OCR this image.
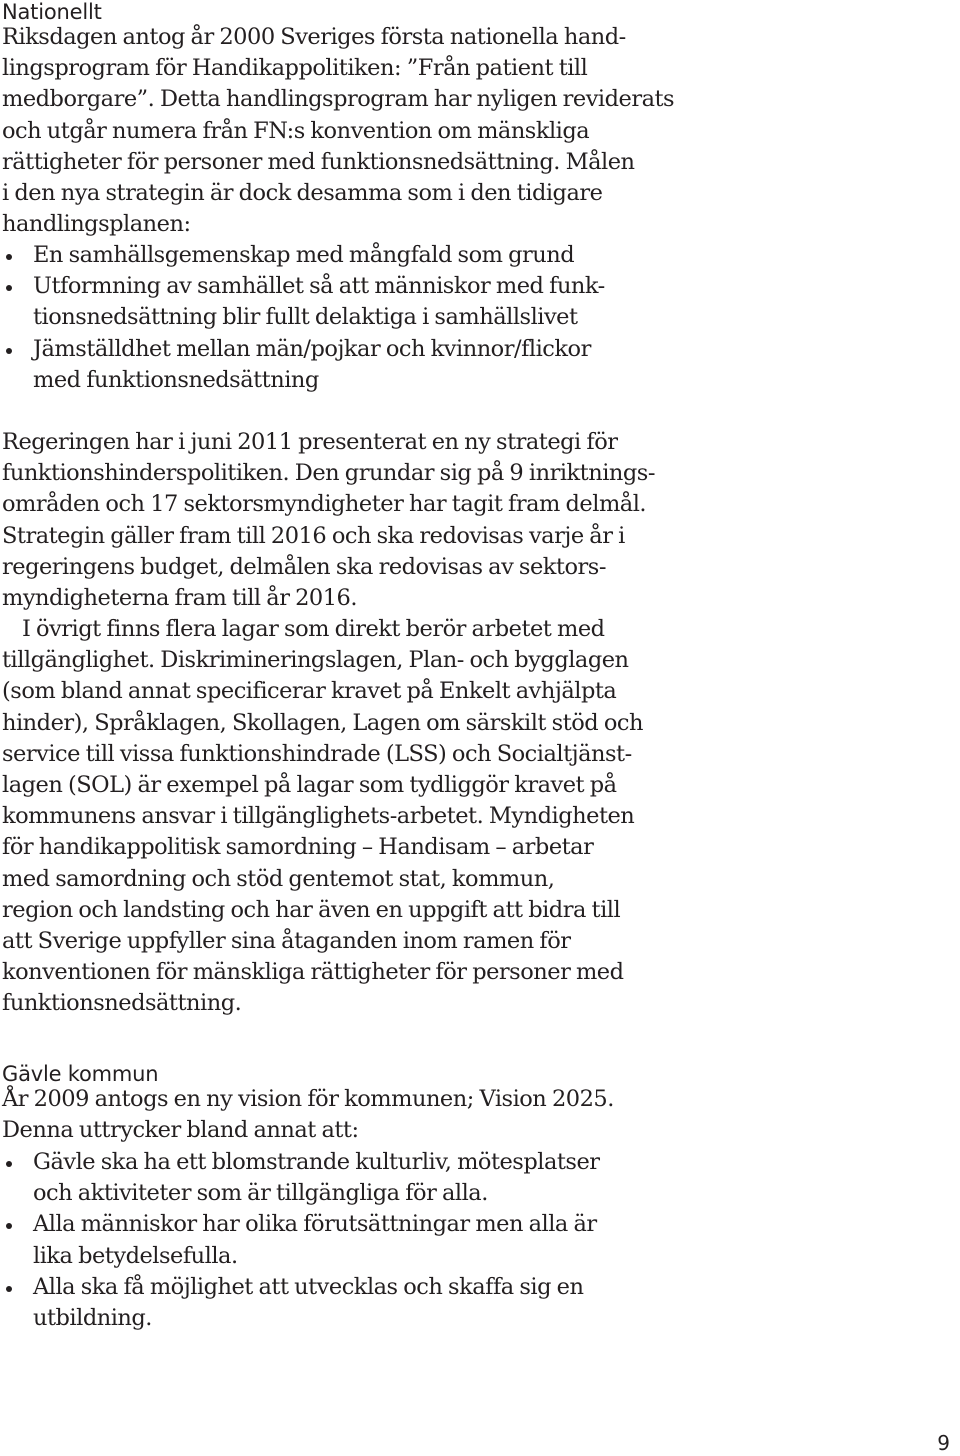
Nationellt

Riksdagen antog år 2000 Sveriges första nationella hand-
lingsprogram för Handikappolitiken: ”Från patient till
medborgare”. Detta handlingsprogram har nyligen reviderats
och utgår numera från FN:s konvention om mänskliga
rättigheter för personer med funktionsnedsättning. Målen
i den nya strategin är dock desamma som i den tidigare
handlingsplanen:

En samhällsgemenskap med mångfald som grund
Utformning av samhället så att människor med funk-
tionsnedsättning blir fullt delaktiga i samhällslivet
Jämställdhet mellan män/pojkar och kvinnor/flickor
med funktionsnedsättning

Regeringen har i juni 2011 presenterat en ny strategi för
funktionshinderspolitiken. Den grundar sig på 9 inriktnings-
områden och 17 sektorsmyndigheter har tagit fram delmål.
Strategin gäller fram till 2016 och ska redovisas varje år i
regeringens budget, delmålen ska redovisas av sektors-
myndigheterna fram till år 2016.

I övrigt finns flera lagar som direkt berör arbetet med
tillgänglighet. Diskrimineringslagen, Plan- och bygglagen
(som bland annat specificerar kravet på Enkelt avhjälpta
hinder), Språklagen, Skollagen, Lagen om särskilt stöd och
service till vissa funktionshindrade (LSS) och Socialtjänst-
lagen (SOL) är exempel på lagar som tydliggör kravet på
kommunens ansvar i tillgänglighets-arbetet. Myndigheten
för handikappolitisk samordning – Handisam – arbetar
med samordning och stöd gentemot stat, kommun,
region och landsting och har även en uppgift att bidra till
att Sverige uppfyller sina åtaganden inom ramen för
konventionen för mänskliga rättigheter för personer med
funktionsnedsättning.

Gävle kommun

År 2009 antogs en ny vision för kommunen; Vision 2025.
Denna uttrycker bland annat att:

Gävle ska ha ett blomstrande kulturliv, mötesplatser
och aktiviteter som är tillgängliga för alla.
Alla människor har olika förutsättningar men alla är
lika betydelsefulla.
Alla ska få möjlighet att utvecklas och skaffa sig en
utbildning.
9
